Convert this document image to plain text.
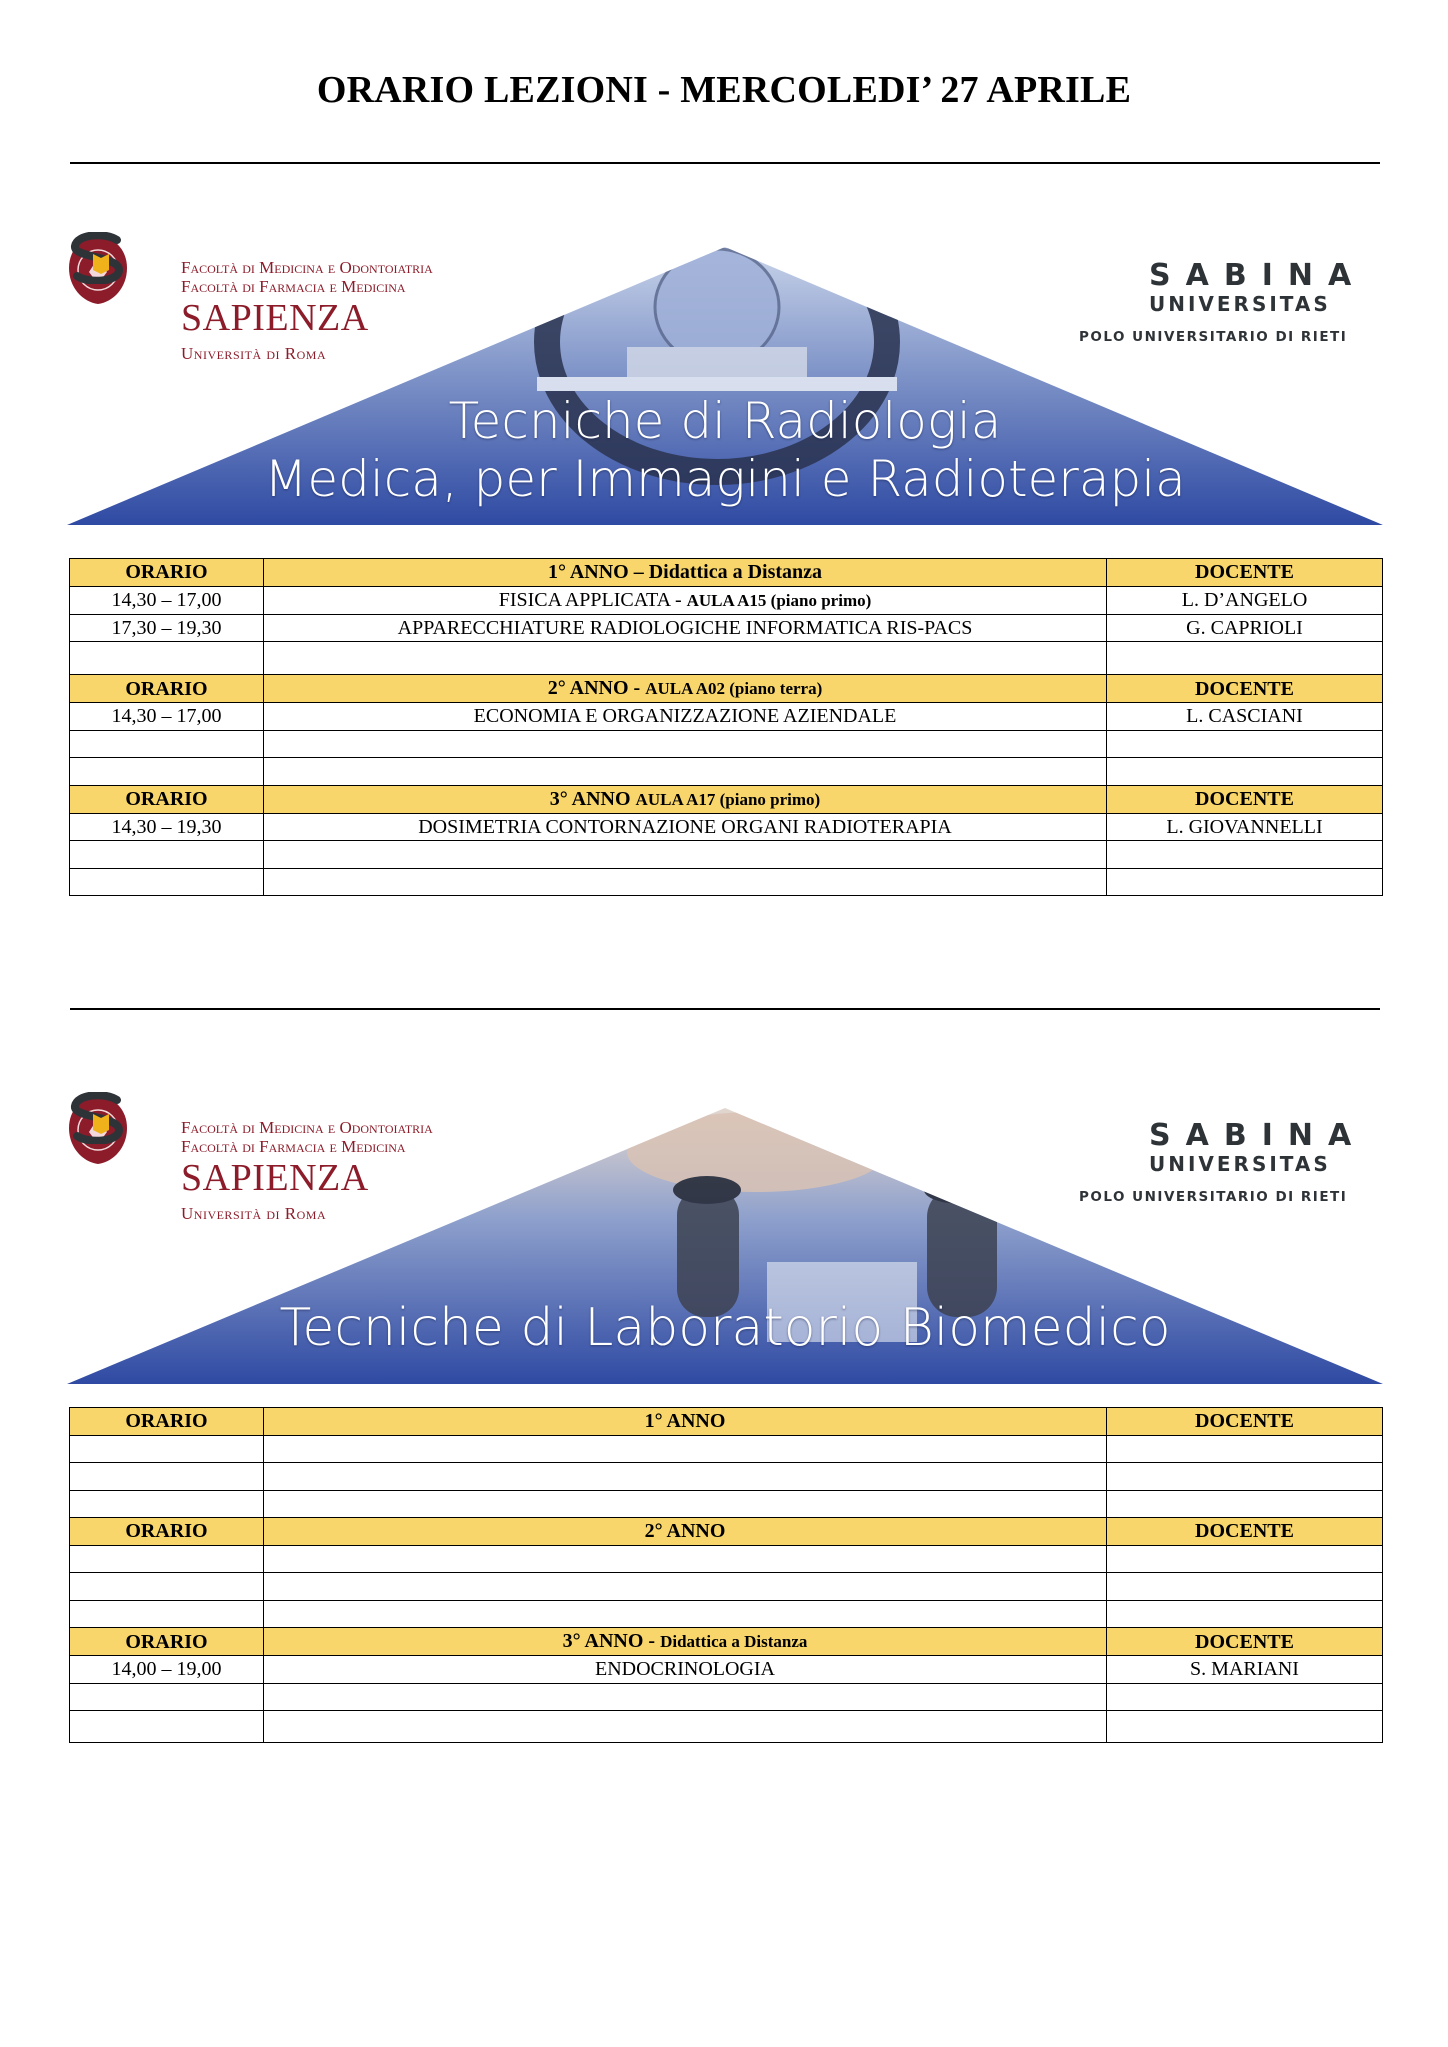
ORARIO LEZIONI - MERCOLEDI’ 27 APRILE
Facoltà di Medicina e Odontoiatria
Facoltà di Farmacia e Medicina
SAPIENZA
Università di Roma
SABINA
UNIVERSITAS
POLO UNIVERSITARIO DI RIETI
Tecniche di Radiologia
Medica, per Immagini e Radioterapia
ORARIO	1° ANNO – Didattica a Distanza	DOCENTE
14,30 – 17,00	FISICA APPLICATA - AULA A15 (piano primo)	L. D’ANGELO
17,30 – 19,30	APPARECCHIATURE RADIOLOGICHE INFORMATICA RIS-PACS	G. CAPRIOLI

ORARIO	2° ANNO - AULA A02 (piano terra)	DOCENTE
14,30 – 17,00	ECONOMIA E ORGANIZZAZIONE AZIENDALE	L. CASCIANI

ORARIO	3° ANNO AULA A17 (piano primo)	DOCENTE
14,30 – 19,30	DOSIMETRIA CONTORNAZIONE ORGANI RADIOTERAPIA	L. GIOVANNELLI

Facoltà di Medicina e Odontoiatria
Facoltà di Farmacia e Medicina
SAPIENZA
Università di Roma
SABINA
UNIVERSITAS
POLO UNIVERSITARIO DI RIETI
Tecniche di Laboratorio Biomedico
ORARIO	1° ANNO	DOCENTE

ORARIO	2° ANNO	DOCENTE

ORARIO	3° ANNO - Didattica a Distanza	DOCENTE
14,00 – 19,00	ENDOCRINOLOGIA	S. MARIANI
